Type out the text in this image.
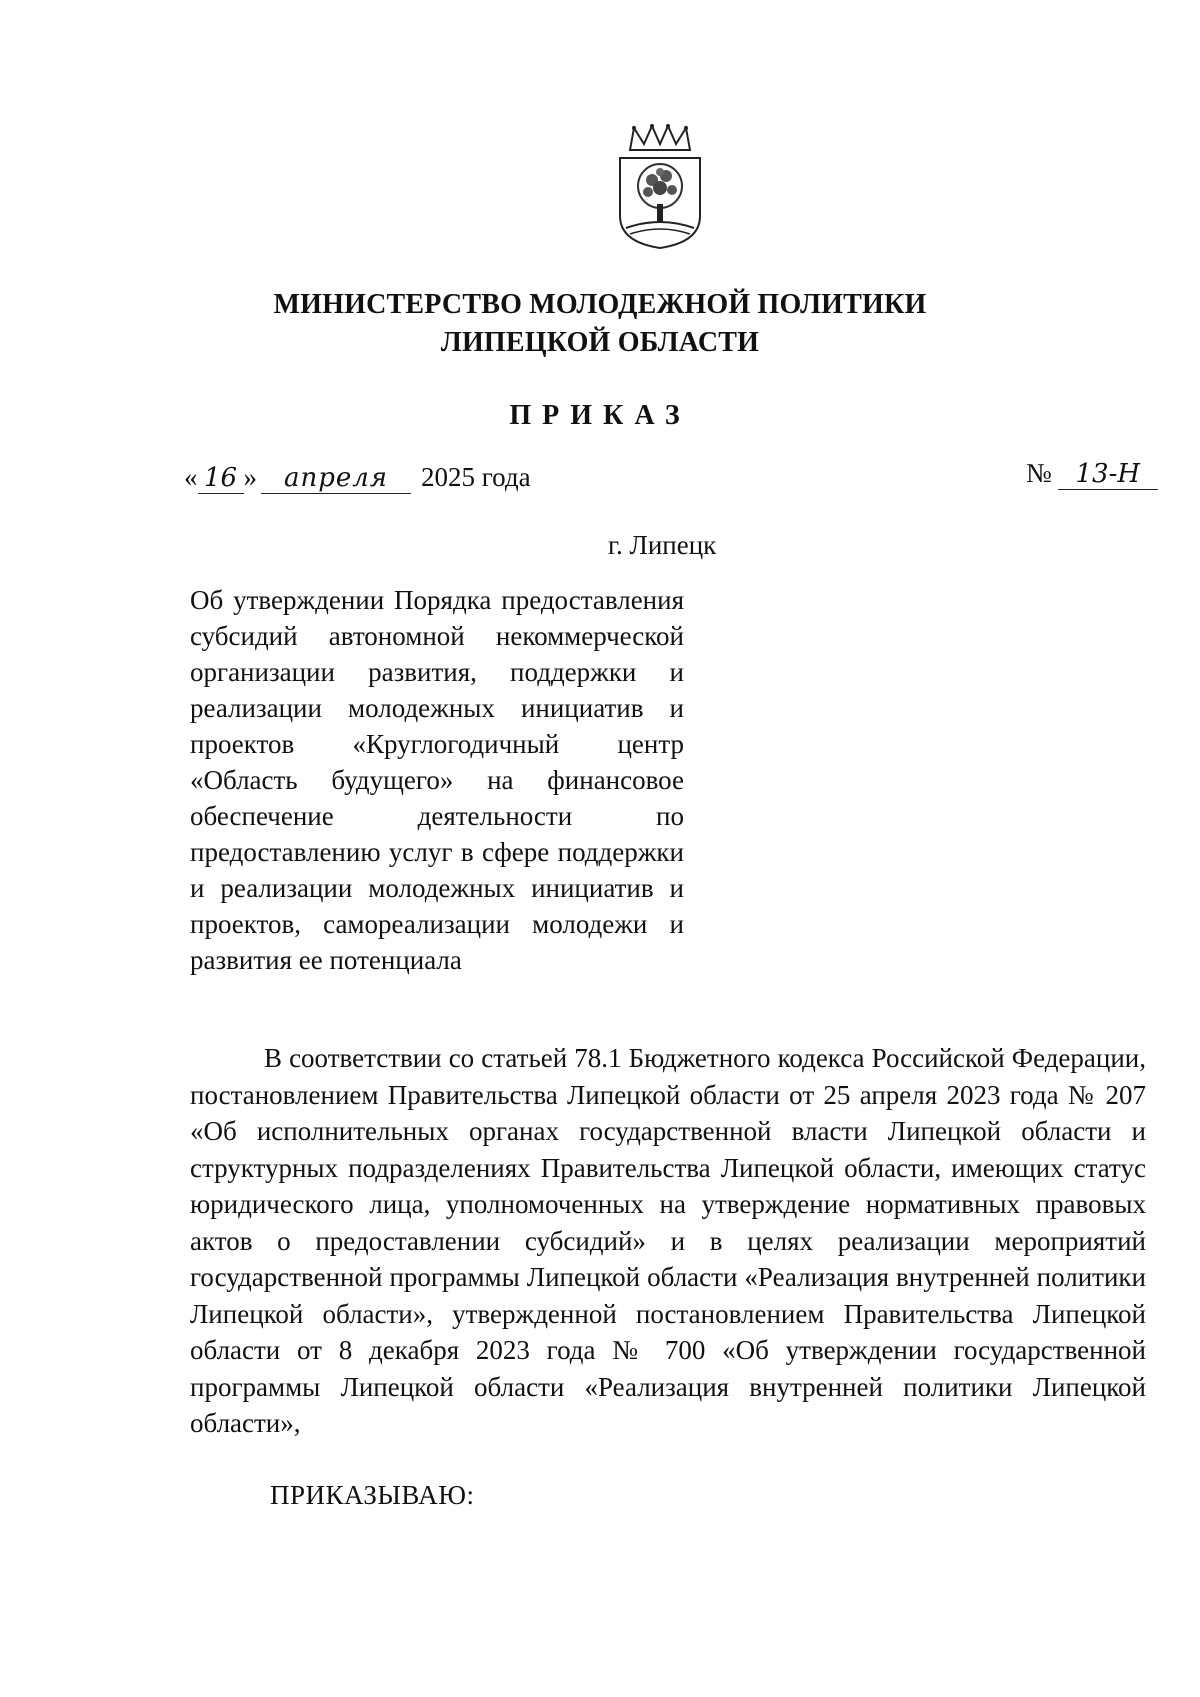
МИНИСТЕРСТВО МОЛОДЕЖНОЙ ПОЛИТИКИ
ЛИПЕЦКОЙ ОБЛАСТИ
ПРИКАЗ
« 16 » апреля 2025 года	№ 13-Н
г. Липецк
Об утверждении Порядка предоставления субсидий автономной некоммерческой организации развития, поддержки и реализации молодежных инициатив и проектов «Круглогодичный центр «Область будущего» на финансовое обеспечение деятельности по предоставлению услуг в сфере поддержки и реализации молодежных инициатив и проектов, самореализации молодежи и развития ее потенциала
В соответствии со статьей 78.1 Бюджетного кодекса Российской Федерации, постановлением Правительства Липецкой области от 25 апреля 2023 года № 207 «Об исполнительных органах государственной власти Липецкой области и структурных подразделениях Правительства Липецкой области, имеющих статус юридического лица, уполномоченных на утверждение нормативных правовых актов о предоставлении субсидий» и в целях реализации мероприятий государственной программы Липецкой области «Реализация внутренней политики Липецкой области», утвержденной постановлением Правительства Липецкой области от 8 декабря 2023 года № 700 «Об утверждении государственной программы Липецкой области «Реализация внутренней политики Липецкой области»,
ПРИКАЗЫВАЮ:
